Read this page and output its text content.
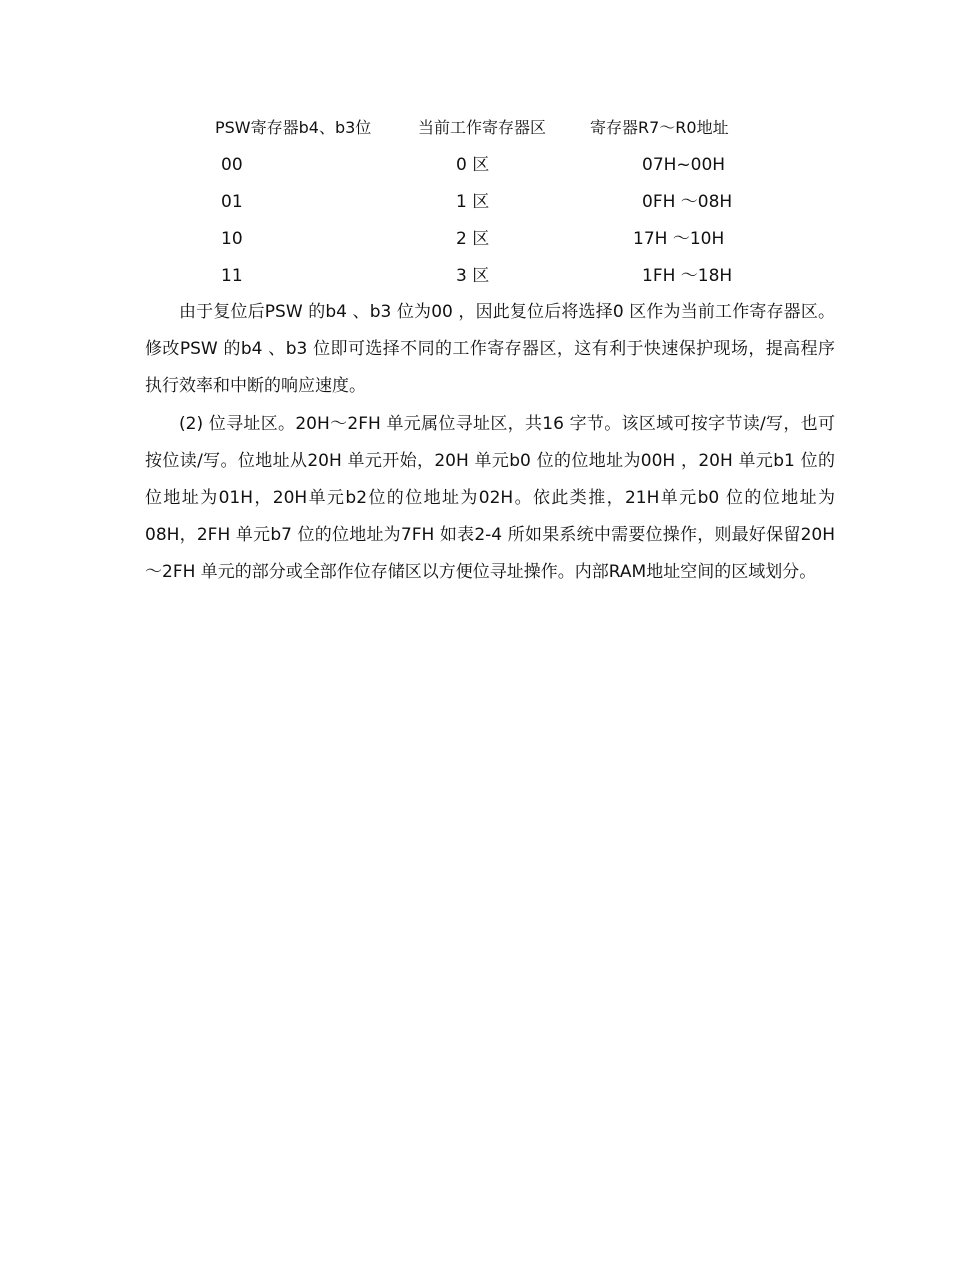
PSW寄存器b4、b3位	当前工作寄存器区	寄存器R7～R0地址
00	0 区	07H~00H
01	1 区	0FH ～08H
10	2 区	17H ～10H
11	3 区	1FH ～18H

由于复位后PSW 的b4 、b3 位为00 ，因此复位后将选择0 区作为当前工作寄存器区。修改PSW 的b4 、b3 位即可选择不同的工作寄存器区，这有利于快速保护现场，提高程序执行效率和中断的响应速度。

(2) 位寻址区。20H～2FH 单元属位寻址区，共16 字节。该区域可按字节读/写，也可按位读/写。位地址从20H 单元开始，20H 单元b0 位的位地址为00H ，20H 单元b1 位的位地址为01H，20H单元b2位的位地址为02H。依此类推，21H单元b0 位的位地址为08H，2FH 单元b7 位的位地址为7FH 如表2-4 所如果系统中需要位操作，则最好保留20H ～2FH 单元的部分或全部作位存储区以方便位寻址操作。内部RAM地址空间的区域划分。
